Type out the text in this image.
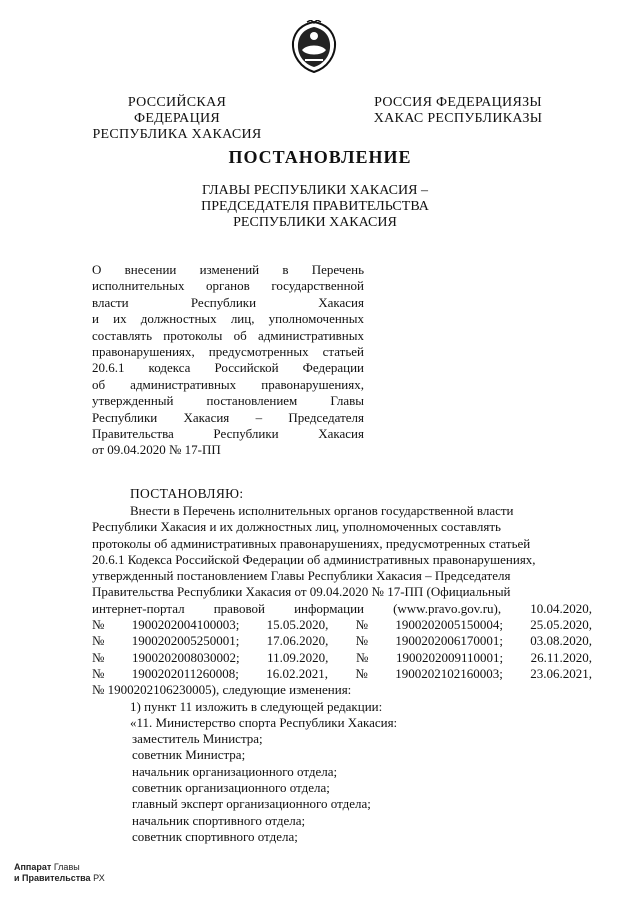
РОССИЙСКАЯ ФЕДЕРАЦИЯ
РЕСПУБЛИКА ХАКАСИЯ
РОССИЯ ФЕДЕРАЦИЯЗЫ
ХАКАС РЕСПУБЛИКАЗЫ
ПОСТАНОВЛЕНИЕ
ГЛАВЫ РЕСПУБЛИКИ ХАКАСИЯ –
ПРЕДСЕДАТЕЛЯ ПРАВИТЕЛЬСТВА
РЕСПУБЛИКИ ХАКАСИЯ
О внесении изменений в Перечень
исполнительных органов государственной
власти Республики Хакасия
и их должностных лиц, уполномоченных
составлять протоколы об административных
правонарушениях, предусмотренных статьей
20.6.1 кодекса Российской Федерации
об административных правонарушениях,
утвержденный постановлением Главы
Республики Хакасия – Председателя
Правительства Республики Хакасия
от 09.04.2020 № 17-ПП
ПОСТАНОВЛЯЮ:
Внести в Перечень исполнительных органов государственной власти
Республики Хакасия и их должностных лиц, уполномоченных составлять
протоколы об административных правонарушениях, предусмотренных статьей
20.6.1 Кодекса Российской Федерации об административных правонарушениях,
утвержденный постановлением Главы Республики Хакасия – Председателя
Правительства Республики Хакасия от 09.04.2020 № 17-ПП (Официальный
интернет-портал правовой информации (www.pravo.gov.ru), 10.04.2020,
№ 1900202004100003; 15.05.2020, № 1900202005150004; 25.05.2020,
№ 1900202005250001; 17.06.2020, № 1900202006170001; 03.08.2020,
№ 1900202008030002; 11.09.2020, № 1900202009110001; 26.11.2020,
№ 1900202011260008; 16.02.2021, № 1900202102160003; 23.06.2021,
№ 1900202106230005), следующие изменения:
1) пункт 11 изложить в следующей редакции:
«11. Министерство спорта Республики Хакасия:
заместитель Министра;
советник Министра;
начальник организационного отдела;
советник организационного отдела;
главный эксперт организационного отдела;
начальник спортивного отдела;
советник спортивного отдела;
Аппарат Главы
и Правительства РХ
